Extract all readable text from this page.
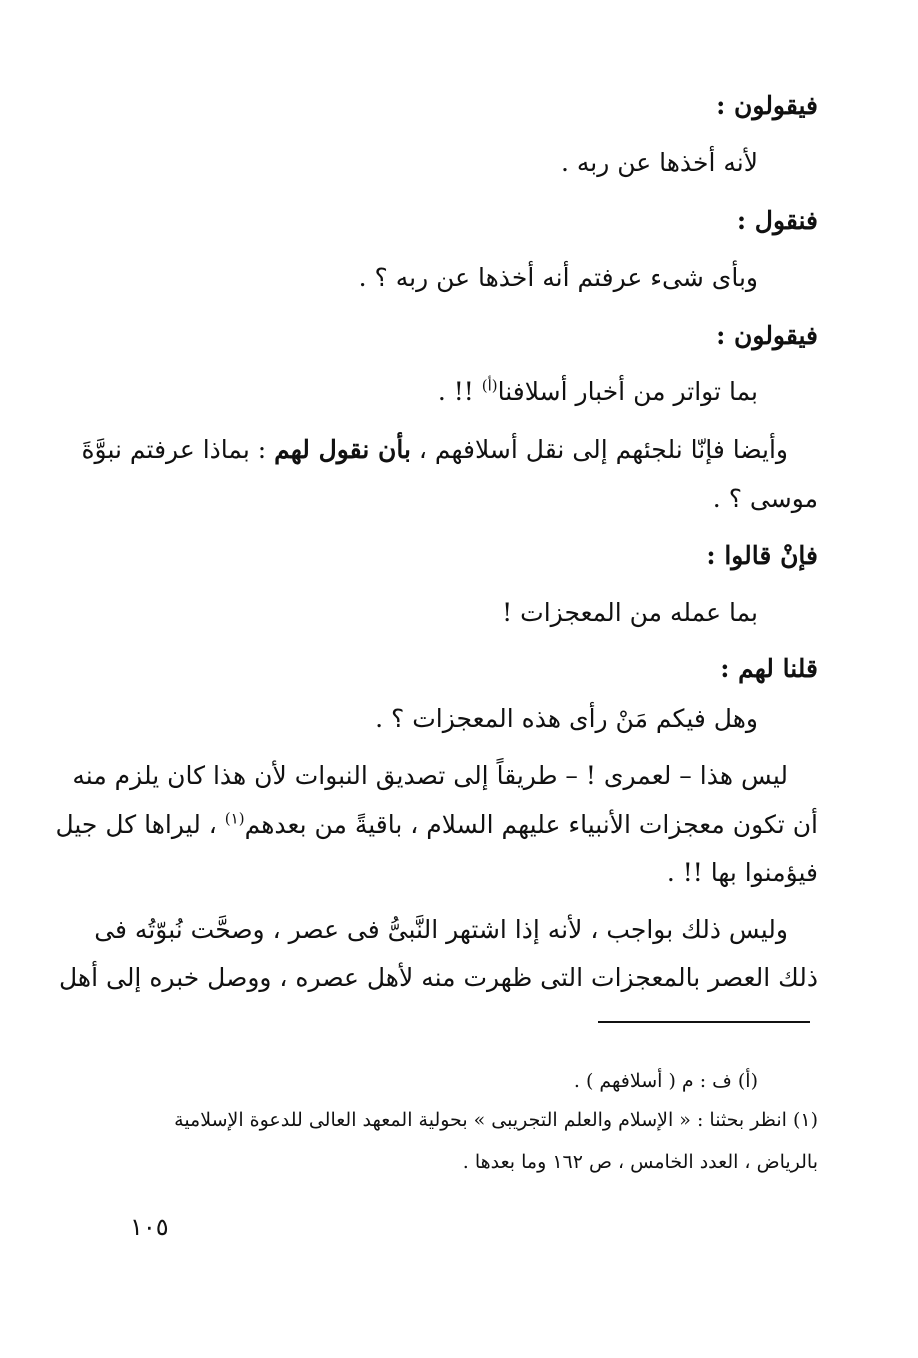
فيقولون :
لأنه أخذها عن ربه .
فنقول :
وبأى شىء عرفتم أنه أخذها عن ربه ؟ .
فيقولون :
بما تواتر من أخبار أسلافنا$^{(أ)}$ !! .
وأيضا فإنّا نلجئهم إلى نقل أسلافهم ، بأن نقول لهم : بماذا عرفتم نبوَّةَ
موسى ؟ .
فإنْ قالوا :
بما عمله من المعجزات !
قلنا لهم :
وهل فيكم مَنْ رأى هذه المعجزات ؟ .
ليس هذا – لعمرى ! – طريقاً إلى تصديق النبوات لأن هذا كان يلزم منه
أن تكون معجزات الأنبياء عليهم السلام ، باقيةً من بعدهم$^{(١)}$ ، ليراها كل جيل
فيؤمنوا بها !! .
وليس ذلك بواجب ، لأنه إذا اشتهر النَّبىُّ فى عصر ، وصحَّت نُبوّتُه فى
ذلك العصر بالمعجزات التى ظهرت منه لأهل عصره ، ووصل خبره إلى أهل
(أ) ف : م ( أسلافهم ) .
(١) انظر بحثنا : « الإسلام والعلم التجريبى » بحولية المعهد العالى للدعوة الإسلامية
بالرياض ، العدد الخامس ، ص ١٦٢ وما بعدها .
١٠٥
